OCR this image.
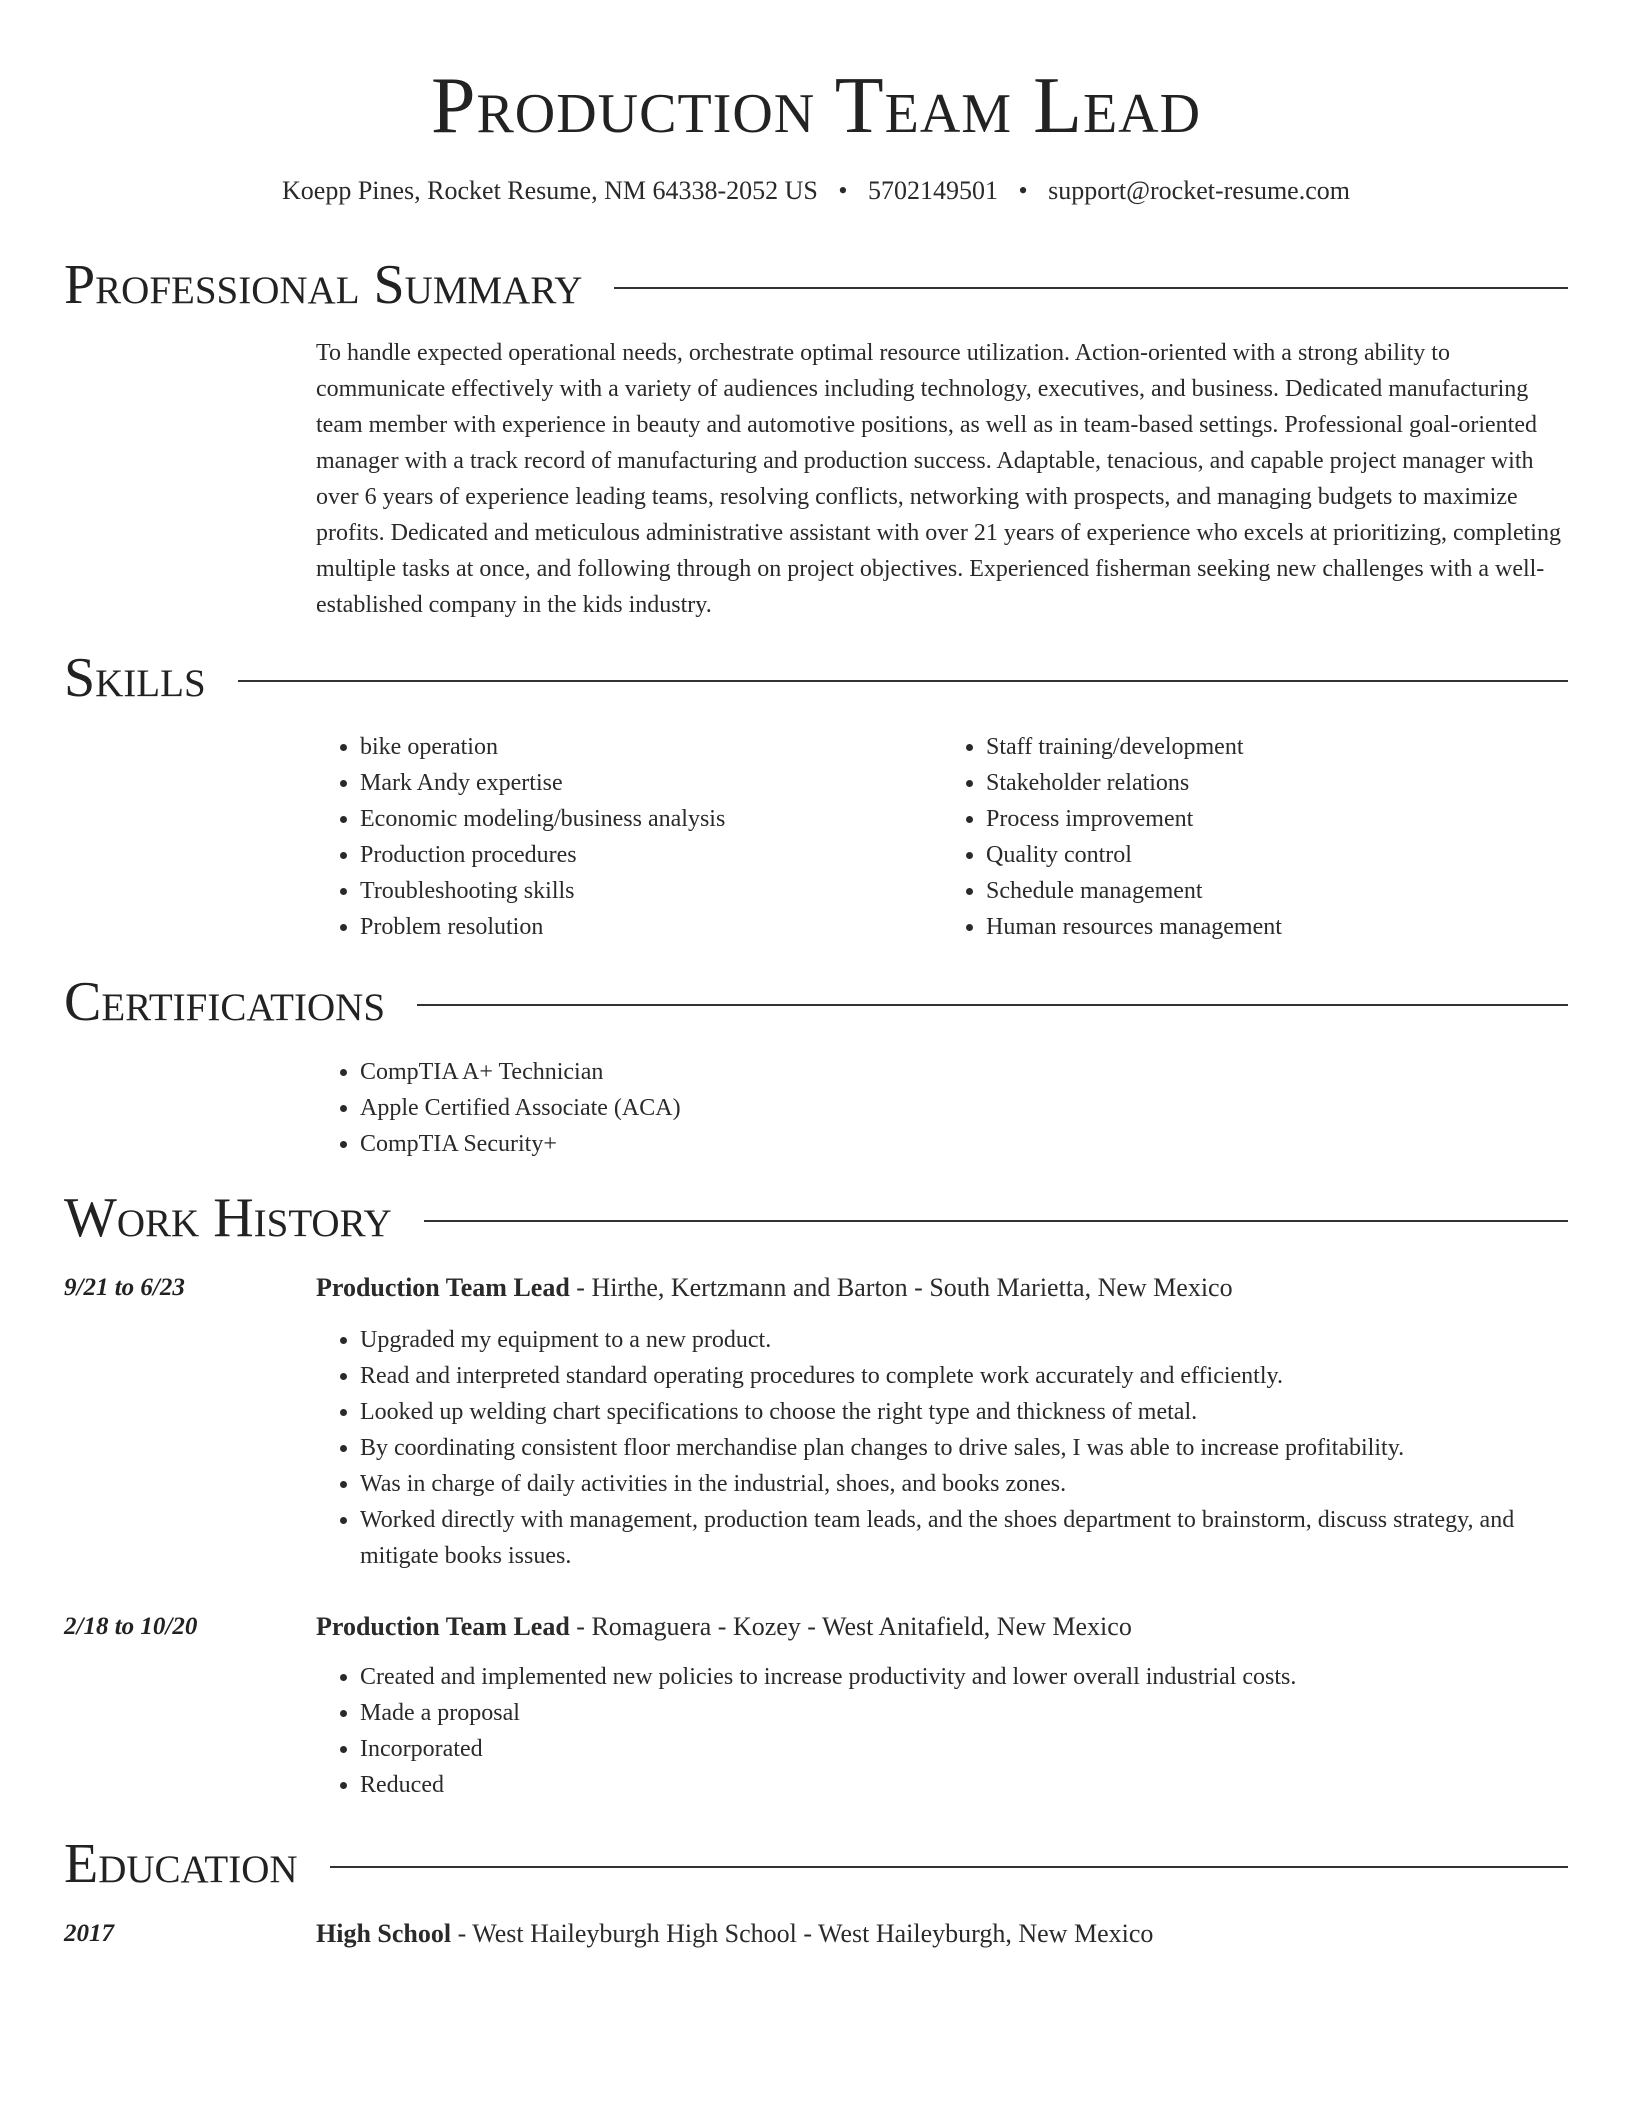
Production Team Lead
Koepp Pines, Rocket Resume, NM 64338-2052 US • 5702149501 • support@rocket-resume.com
Professional Summary

To handle expected operational needs, orchestrate optimal resource utilization. Action-oriented with a strong ability to communicate effectively with a variety of audiences including technology, executives, and business. Dedicated manufacturing team member with experience in beauty and automotive positions, as well as in team-based settings. Professional goal-oriented manager with a track record of manufacturing and production success. Adaptable, tenacious, and capable project manager with over 6 years of experience leading teams, resolving conflicts, networking with prospects, and managing budgets to maximize profits. Dedicated and meticulous administrative assistant with over 21 years of experience who excels at prioritizing, completing multiple tasks at once, and following through on project objectives. Experienced fisherman seeking new challenges with a well-established company in the kids industry.

Skills
• bike operation
• Mark Andy expertise
• Economic modeling/business analysis
• Production procedures
• Troubleshooting skills
• Problem resolution
• Staff training/development
• Stakeholder relations
• Process improvement
• Quality control
• Schedule management
• Human resources management
Certifications
• CompTIA A+ Technician
• Apple Certified Associate (ACA)
• CompTIA Security+
Work History
9/21 to 6/23	Production Team Lead - Hirthe, Kertzmann and Barton - South Marietta, New Mexico
• Upgraded my equipment to a new product.
• Read and interpreted standard operating procedures to complete work accurately and efficiently.
• Looked up welding chart specifications to choose the right type and thickness of metal.
• By coordinating consistent floor merchandise plan changes to drive sales, I was able to increase profitability.
• Was in charge of daily activities in the industrial, shoes, and books zones.
• Worked directly with management, production team leads, and the shoes department to brainstorm, discuss strategy, and mitigate books issues.
2/18 to 10/20	Production Team Lead - Romaguera - Kozey - West Anitafield, New Mexico
• Created and implemented new policies to increase productivity and lower overall industrial costs.
• Made a proposal
• Incorporated
• Reduced
Education
2017	High School - West Haileyburgh High School - West Haileyburgh, New Mexico
